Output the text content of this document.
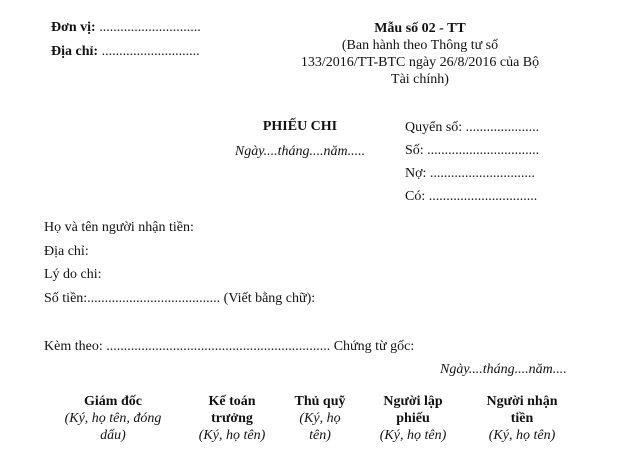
Đơn vị: .............................
Địa chỉ: ............................
Mẫu số 02 - TT
(Ban hành theo Thông tư số
133/2016/TT-BTC ngày 26/8/2016 của Bộ
Tài chính)
PHIẾU CHI
Ngày....tháng....năm.....
Quyển số: .....................
Số: ................................
Nợ: ..............................
Có: ...............................
Họ và tên người nhận tiền:
Địa chỉ:
Lý do chi:
Số tiền:...................................... (Viết bằng chữ):
Kèm theo: ................................................................ Chứng từ gốc:
Ngày....tháng....năm....
Giám đốc
(Ký, họ tên, đóng
dấu)
Kế toán
trưởng
(Ký, họ tên)
Thủ quỹ
(Ký, họ
tên)
Người lập
phiếu
(Ký, họ tên)
Người nhận
tiền
(Ký, họ tên)
